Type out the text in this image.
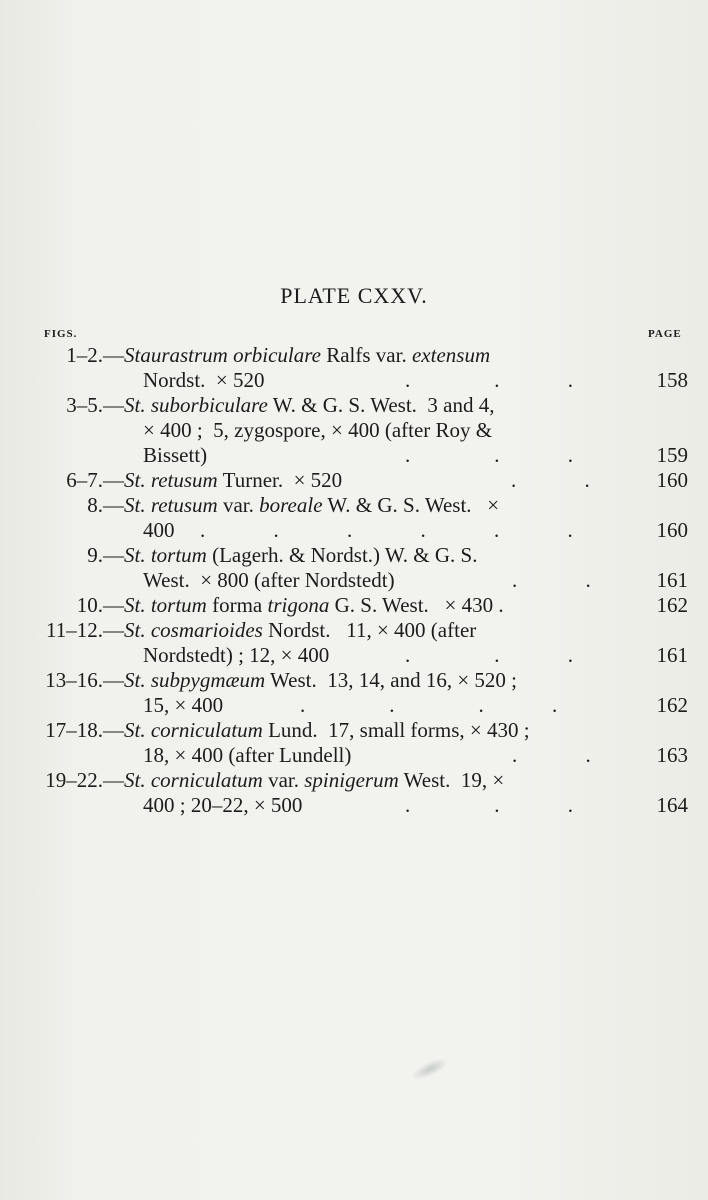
PLATE CXXV.
FIGS.	PAGE
1–2.— Staurastrum orbiculare Ralfs var. extensum
Nordst.  × 520	.                .             .	158
3–5.— St. suborbiculare W. & G. S. West.  3 and 4,
× 400 ;  5, zygospore, × 400 (after Roy &
Bissett)	.                .             .	159
6–7.— St. retusum Turner.  × 520	.             .	160
8.— St. retusum var. boreale W. & G. S. West.   ×
400 .             .             .             .             .             .	160
9.— St. tortum (Lagerh. & Nordst.) W. & G. S.
West.  × 800 (after Nordstedt)	.             .	161
10.— St. tortum forma trigona G. S. West.   × 430 .	162
11–12.— St. cosmarioides Nordst.   11, × 400 (after
Nordstedt) ; 12, × 400	.                .             .	161
13–16.— St. subpygmæum West.  13, 14, and 16, × 520 ;
15, × 400	.                .                .             .	162
17–18.— St. corniculatum Lund.  17, small forms, × 430 ;
18, × 400 (after Lundell)	.             .	163
19–22.— St. corniculatum var. spinigerum West.  19, ×
400 ; 20–22, × 500	.                .             .	164
